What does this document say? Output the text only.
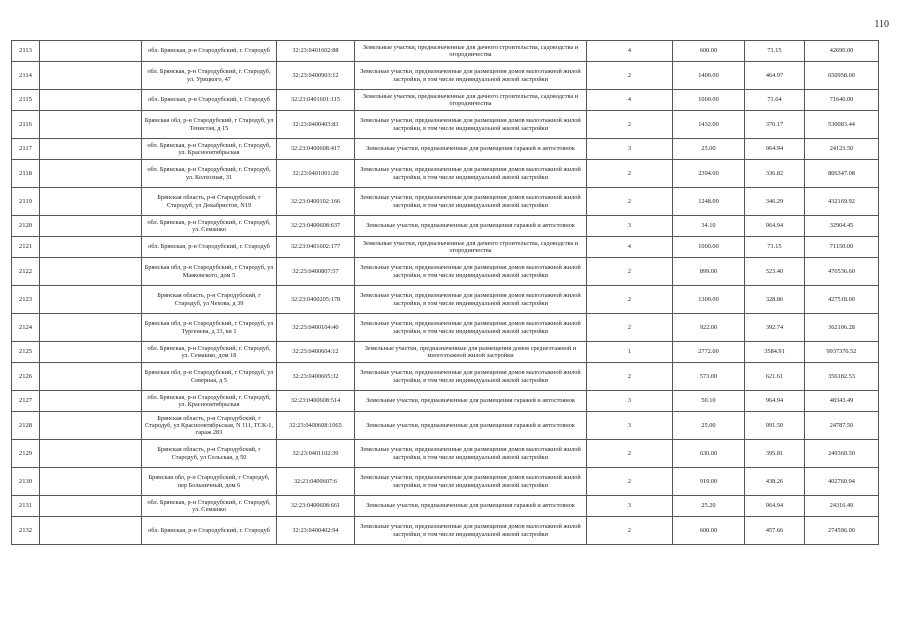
110
2113		обл. Брянская, р-н Стародубский, г. Стародуб	32:23:0401602:88	Земельные участки, предназначенные для дачного строительства, садоводства и огородничества	4	600.00	71.15	42690.00
2114		обл. Брянская, р-н Стародубский, г. Стародуб, ул. Урицкого, 47	32:23:0400903:12	Земельные участки, предназначенные для размещения домов малоэтажной жилой застройки, в том числе индивидуальной жилой застройки	2	1400.00	464.97	650958.00
2115		обл. Брянская, р-н Стародубский, г. Стародуб	32:23:0401601:115	Земельные участки, предназначенные для дачного строительства, садоводства и огородничества	4	1000.00	71.64	71640.00
2116		Брянская обл, р-н Стародубский, г Стародуб, ул Тенистая, д 15	32:23:0400403:83	Земельные участки, предназначенные для размещения домов малоэтажной жилой застройки, в том числе индивидуальной жилой застройки	2	1432.00	370.17	530083.44
2117		обл. Брянская, р-н Стародубский, г. Стародуб, ул. Красноoктябрьская	32:23:0400608:417	Земельные участки, предназначенные для размещения гаражей и автостоянок	3	25.00	964.94	24123.50
2118		обл. Брянская, р-н Стародубский, г. Стародуб, ул. Колхозная, 31	32:23:0401001:20	Земельные участки, предназначенные для размещения домов малоэтажной жилой застройки, в том числе индивидуальной жилой застройки	2	2394.00	336.82	806347.08
2119		Брянская область, р-н Стародубский, г Стародуб, ул Декабристов, N19	32:23:0400102:166	Земельные участки, предназначенные для размещения домов малоэтажной жилой застройки, в том числе индивидуальной жилой застройки	2	1248.00	346.29	432169.92
2120		обл. Брянская, р-н Стародубский, г. Стародуб, ул. Семашко	32:23:0400608:637	Земельные участки, предназначенные для размещения гаражей и автостоянок	3	34.10	964.94	32904.45
2121		обл. Брянская, р-н Стародубский, г. Стародуб	32:23:0401602:177	Земельные участки, предназначенные для дачного строительства, садоводства и огородничества	4	1000.00	71.15	71150.00
2122		Брянская обл, р-н Стародубский, г Стародуб, ул Маяковского, дом 5	32:23:0400807:57	Земельные участки, предназначенные для размещения домов малоэтажной жилой застройки, в том числе индивидуальной жилой застройки	2	899.00	523.40	470536.60
2123		Брянская область, р-н Стародубский, г Стародуб, ул Чехова, д 39	32:23:0400205:178	Земельные участки, предназначенные для размещения домов малоэтажной жилой застройки, в том числе индивидуальной жилой застройки	2	1300.00	328.86	427518.00
2124		Брянская обл, р-н Стародубский, г Стародуб, ул Тургенева, д 33, кв 1	32:23:0400104:40	Земельные участки, предназначенные для размещения домов малоэтажной жилой застройки, в том числе индивидуальной жилой застройки	2	922.00	392.74	362106.28
2125		обл. Брянская, р-н Стародубский, г. Стародуб, ул. Семашко, дом 18	32:23:0400604:12	Земельные участки, предназначенные для размещения домов среднеэтажной и многоэтажной жилой застройки	1	2772.00	3584.91	9937370.52
2126		Брянская обл, р-н Стародубский, г Стародуб, ул Северная, д 5	32:23:0400605:32	Земельные участки, предназначенные для размещения домов малоэтажной жилой застройки, в том числе индивидуальной жилой застройки	2	573.00	621.61	356182.53
2127		обл. Брянская, р-н Стародубский, г. Стародуб, ул. Красноoктябрьская	32:23:0400608:514	Земельные участки, предназначенные для размещения гаражей и автостоянок	3	50.10	964.94	48343.49
2128		Брянская область, р-н Стародубский, г Стародуб, ул Красноoктябрьская, N 111, ГСК-1, гараж 283	32:23:0400608:1065	Земельные участки, предназначенные для размещения гаражей и автостоянок	3	25.00	991.50	24787.50
2129		Брянская область, р-н Стародубский, г Стародуб, ул Сельская, д 50	32:23:0401102:39	Земельные участки, предназначенные для размещения домов малоэтажной жилой застройки, в том числе индивидуальной жилой застройки	2	630.00	395.81	249360.30
2130		Брянская обл, р-н Стародубский, г Стародуб, пер Больничный, дом 6	32:23:0400607:6	Земельные участки, предназначенные для размещения домов малоэтажной жилой застройки, в том числе индивидуальной жилой застройки	2	919.00	438.26	402760.94
2131		обл. Брянская, р-н Стародубский, г. Стародуб, ул. Семашко	32:23:0400608:661	Земельные участки, предназначенные для размещения гаражей и автостоянок	3	25.20	964.94	24316.49
2132		обл. Брянская, р-н Стародубский, г. Стародуб	32:23:0400402:94	Земельные участки, предназначенные для размещения домов малоэтажной жилой застройки, в том числе индивидуальной жилой застройки	2	600.00	457.66	274596.00
